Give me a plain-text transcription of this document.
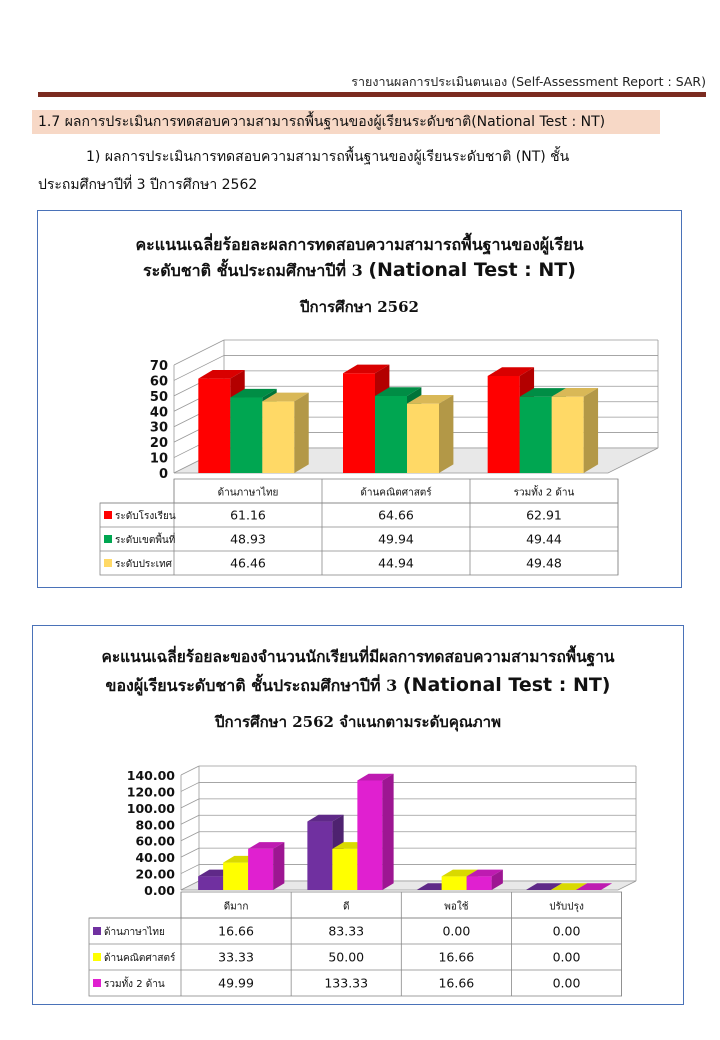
รายงานผลการประเมินตนเอง (Self-Assessment Report : SAR)
1.7 ผลการประเมินการทดสอบความสามารถพื้นฐานของผู้เรียนระดับชาติ(National Test : NT)
1) ผลการประเมินการทดสอบความสามารถพื้นฐานของผู้เรียนระดับชาติ (NT) ชั้น
ประถมศึกษาปีที่ 3 ปีการศึกษา 2562
คะแนนเฉลี่ยร้อยละผลการทดสอบความสามารถพื้นฐานของผู้เรียน
ระดับชาติ ชั้นประถมศึกษาปีที่ 3 (National Test : NT)
ปีการศึกษา 2562
0
10
20
30
40
50
60
70
ด้านภาษาไทย	ด้านคณิตศาสตร์	รวมทั้ง 2 ด้าน
ระดับโรงเรียน	61.16	64.66	62.91
ระดับเขตพื้นที่	48.93	49.94	49.44
ระดับประเทศ	46.46	44.94	49.48
คะแนนเฉลี่ยร้อยละของจำนวนนักเรียนที่มีผลการทดสอบความสามารถพื้นฐาน
ของผู้เรียนระดับชาติ ชั้นประถมศึกษาปีที่ 3 (National Test : NT)
ปีการศึกษา 2562 จำแนกตามระดับคุณภาพ
0.00
20.00
40.00
60.00
80.00
100.00
120.00
140.00
ดีมาก	ดี	พอใช้	ปรับปรุง
ด้านภาษาไทย	16.66	83.33	0.00	0.00
ด้านคณิตศาสตร์	33.33	50.00	16.66	0.00
รวมทั้ง 2 ด้าน	49.99	133.33	16.66	0.00
